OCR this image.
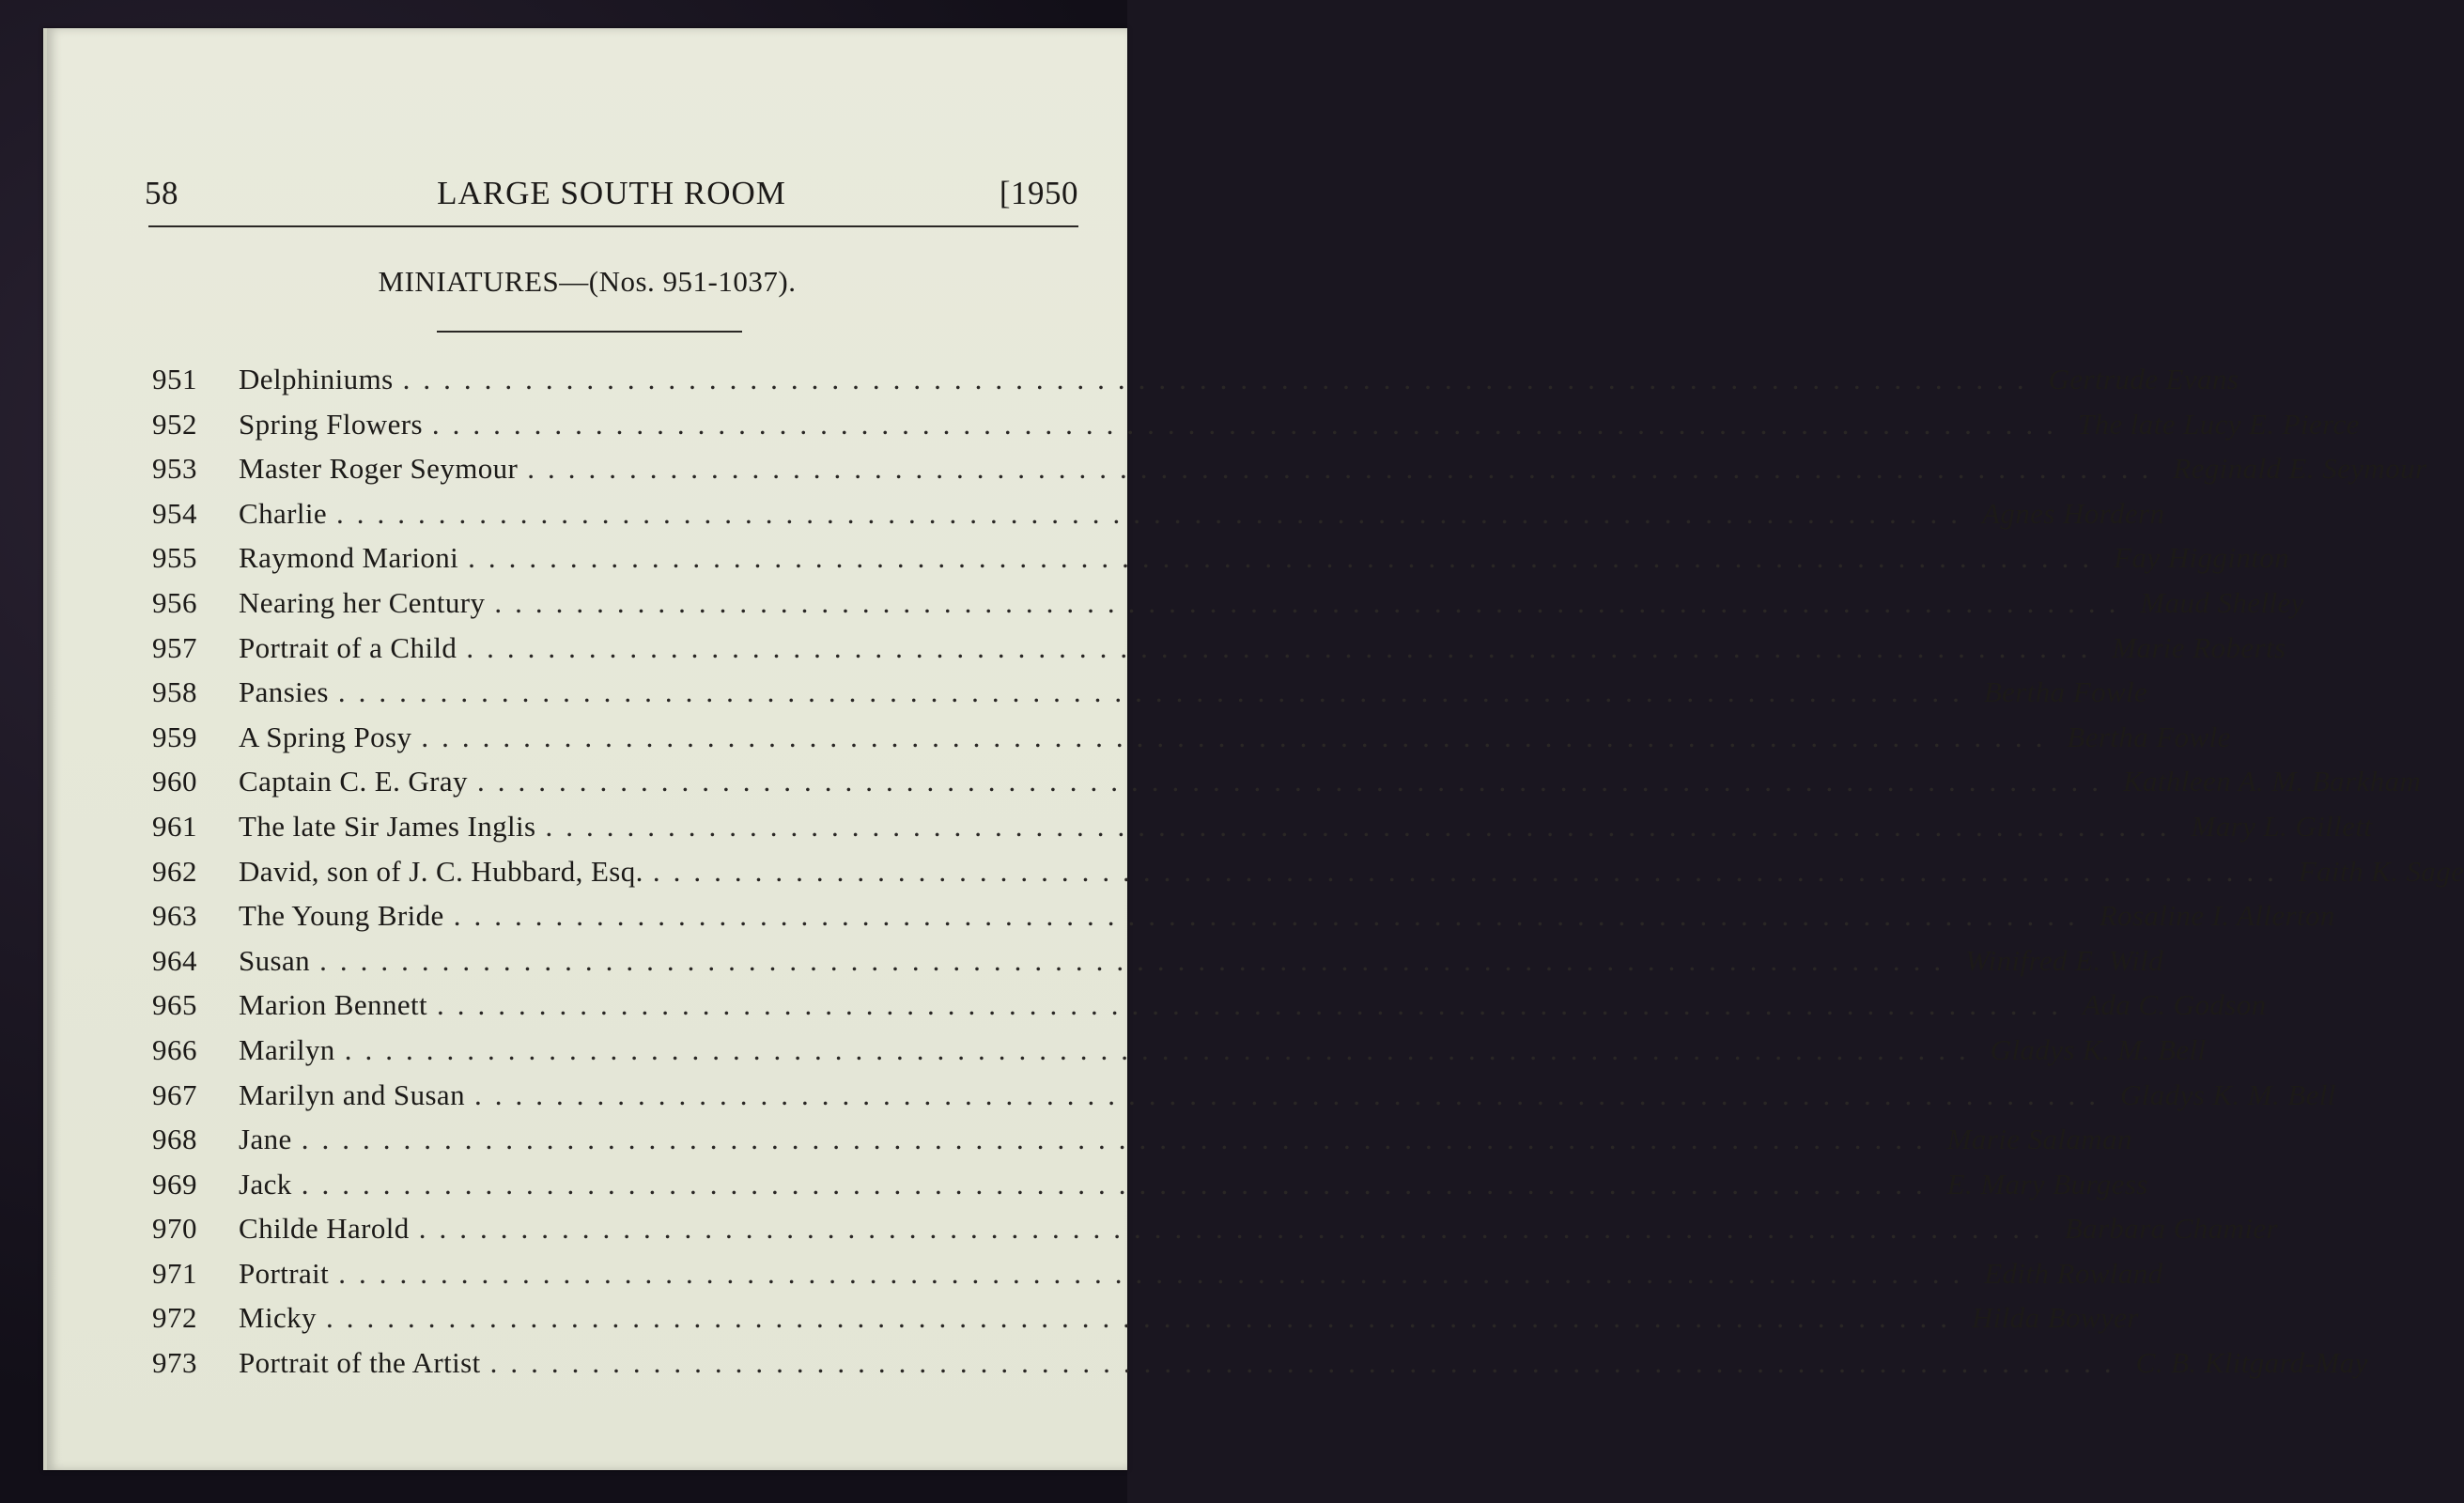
58	LARGE SOUTH ROOM	[1950
MINIATURES—(Nos. 951-1037).
951	Delphiniums ................................................................................ Gertrude Evans
952	Spring Flowers ................................................................................ The late Lucy E. Pierce
953	Master Roger Seymour ................................................................................ Reginald E. Seymour
954	Charlie ................................................................................ Agnes Hordern
955	Raymond Marioni ................................................................................ Fay Higginton
956	Nearing her Century ................................................................................ Maud Shelley
957	Portrait of a Child ................................................................................ Marie Roberts
958	Pansies ................................................................................ Bertha Fowle
959	A Spring Posy ................................................................................ Bertha Fowle
960	Captain C. E. Gray ................................................................................ Kathleen A. M. Barkham
961	The late Sir James Inglis ................................................................................ Mary L. Gillett
962	David, son of J. C. Hubbard, Esq. ................................................................................ Faith K. Sage
963	The Young Bride ................................................................................ Rosaline I. Allerton
964	Susan ................................................................................ Winifred E. Wild
965	Marion Bennett ................................................................................ Ada C. Godson
966	Marilyn ................................................................................ Gladys K. M. Bell
967	Marilyn and Susan ................................................................................ Gladys K. M. Bell
968	Jane ................................................................................ Marie Salaman
969	Jack ................................................................................ E. Mary Burgess
970	Childe Harold ................................................................................ Barbara Chamier
971	Portrait ................................................................................ Edith Rowland
972	Micky ................................................................................ Hilda Bowyer
973	Portrait of the Artist ................................................................................ C. B. Klitgard-May
